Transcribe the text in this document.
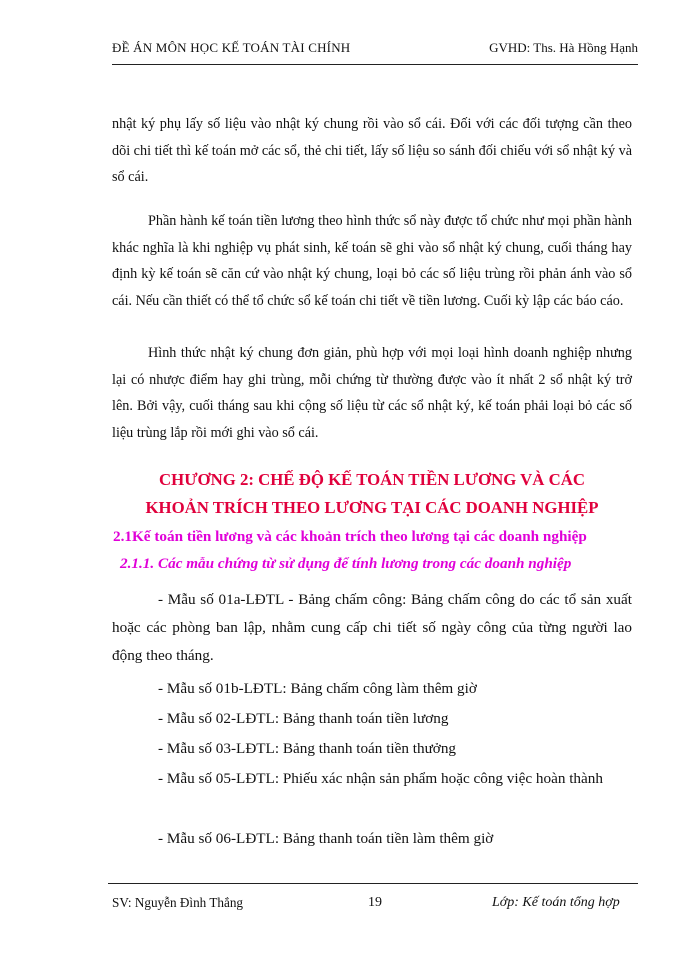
ĐỀ ÁN MÔN HỌC KẾ TOÁN TÀI CHÍNH	GVHD: Ths. Hà Hồng Hạnh
nhật ký phụ lấy số liệu vào nhật ký chung rồi vào sổ cái. Đối với các đối tượng cần theo dõi chi tiết thì kế toán mở các sổ, thẻ chi tiết, lấy số liệu so sánh đối chiếu với sổ nhật ký và sổ cái.
Phần hành kế toán tiền lương theo hình thức sổ này được tổ chức như mọi phần hành khác nghĩa là khi nghiệp vụ phát sinh, kế toán sẽ ghi vào sổ nhật ký chung, cuối tháng hay định kỳ kế toán sẽ căn cứ vào nhật ký chung, loại bỏ các số liệu trùng rồi phản ánh vào sổ cái. Nếu cần thiết có thể tổ chức sổ kế toán chi tiết về tiền lương. Cuối kỳ lập các báo cáo.
Hình thức nhật ký chung đơn giản, phù hợp với mọi loại hình doanh nghiệp nhưng lại có nhược điểm hay ghi trùng, mỗi chứng từ thường được vào ít nhất 2 sổ nhật ký trở lên. Bởi vậy, cuối tháng sau khi cộng số liệu từ các sổ nhật ký, kế toán phải loại bỏ các số liệu trùng lắp rồi mới ghi vào sổ cái.
CHƯƠNG 2: CHẾ ĐỘ KẾ TOÁN TIỀN LƯƠNG VÀ CÁC
KHOẢN TRÍCH THEO LƯƠNG TẠI CÁC DOANH NGHIỆP
2.1Kế toán tiền lương và các khoản trích theo lương tại các doanh nghiệp
2.1.1. Các mẫu chứng từ sử dụng để tính lương trong các doanh nghiệp
- Mẫu số 01a-LĐTL - Bảng chấm công: Bảng chấm công do các tổ sản xuất hoặc các phòng ban lập, nhằm cung cấp chi tiết số ngày công của từng người lao động theo tháng.
- Mẫu số 01b-LĐTL: Bảng chấm công làm thêm giờ
- Mẫu số 02-LĐTL: Bảng thanh toán tiền lương
- Mẫu số 03-LĐTL: Bảng thanh toán tiền thưởng
- Mẫu số 05-LĐTL: Phiếu xác nhận sản phẩm hoặc công việc hoàn thành
- Mẫu số 06-LĐTL: Bảng thanh toán tiền làm thêm giờ
SV: Nguyễn Đình Thắng	19	Lớp: Kế toán tổng hợp
